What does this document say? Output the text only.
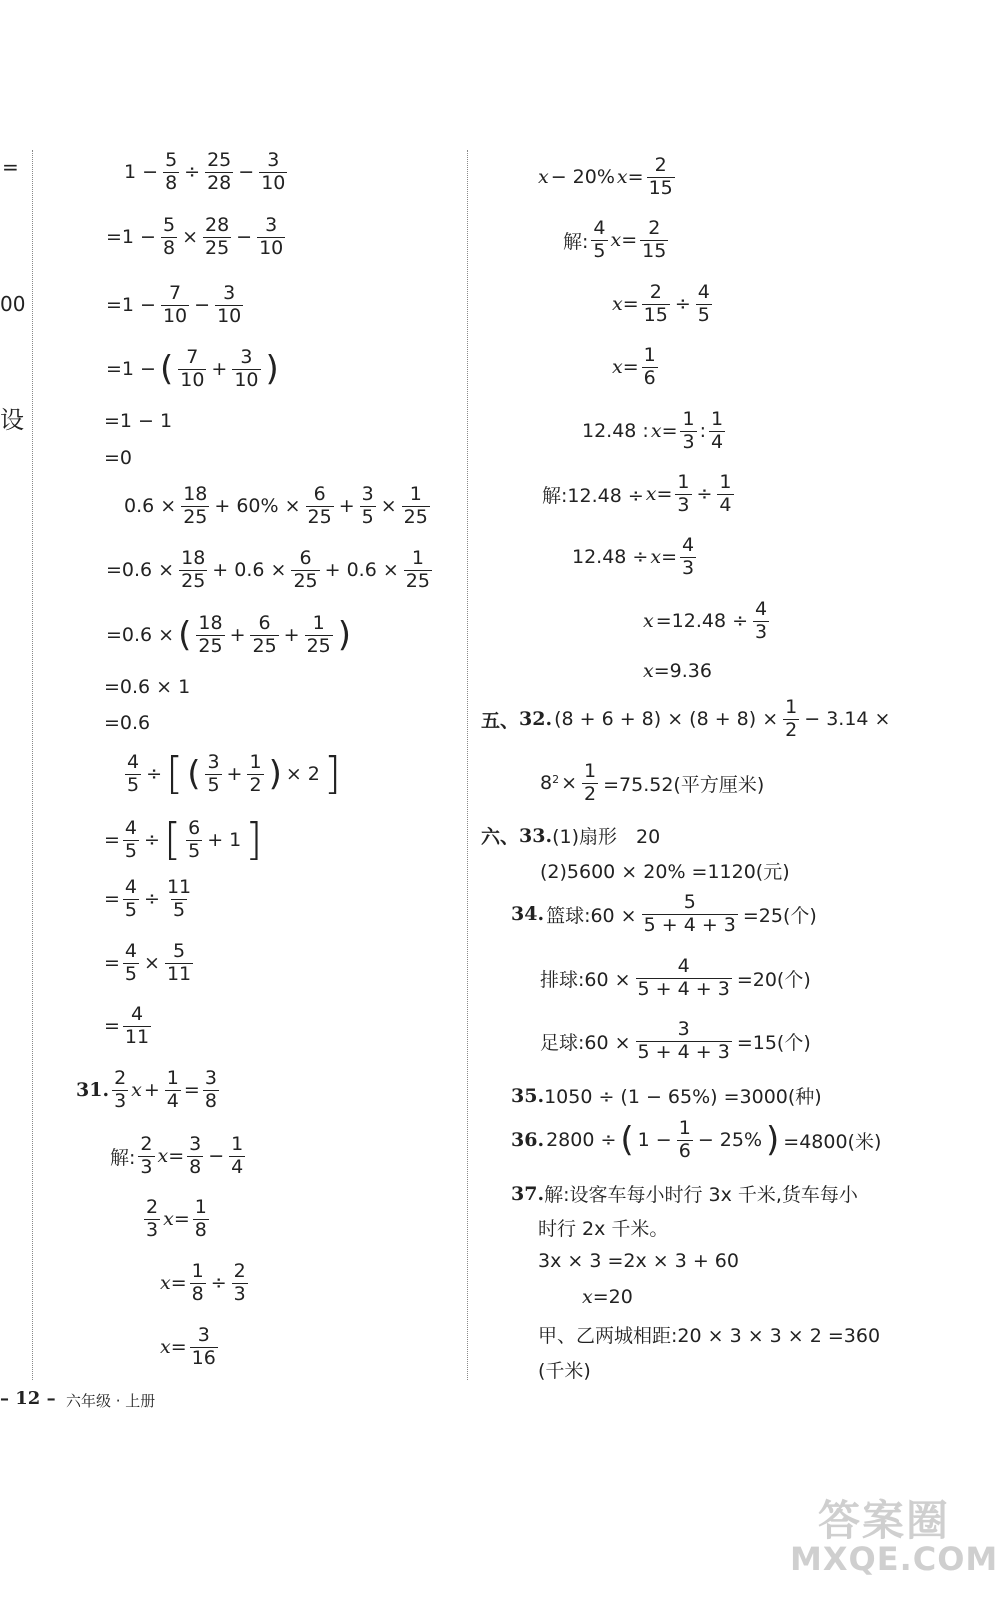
=
00
设
$1 - \frac{5}{8} \div \frac{25}{28} - \frac{3}{10}$
$=1 - \frac{5}{8} \times \frac{28}{25} - \frac{3}{10}$
$=1 - \frac{7}{10} - \frac{3}{10}$
=1 − ( $\frac{7}{10} + \frac{3}{10}$ )
=1 − 1
=0
$0.6 \times \frac{18}{25} + 60\% \times \frac{6}{25} + \frac{3}{5} \times \frac{1}{25}$
$=0.6 \times \frac{18}{25} + 0.6 \times \frac{6}{25} + 0.6 \times \frac{1}{25}$
=0.6 × ( $\frac{18}{25} + \frac{6}{25} + \frac{1}{25}$ )
=0.6 × 1
=0.6
$\frac{4}{5}$ ÷ [ ( $\frac{3}{5} + \frac{1}{2}$ ) × 2 ]
= $\frac{4}{5}$ ÷ [ $\frac{6}{5} + 1$ ]
= $\frac{4}{5} \div \frac{11}{5}$
= $\frac{4}{5} \times \frac{5}{11}$
= $\frac{4}{11}$
31. $\frac{2}{3}$ $x + \frac{1}{4} = \frac{3}{8}$
解: $\frac{2}{3}$ $x = \frac{3}{8} - \frac{1}{4}$
$\frac{2}{3}$ $x = \frac{1}{8}$
$x = \frac{1}{8} \div \frac{2}{3}$
$x = \frac{3}{16}$
x − 20% $x = \frac{2}{15}$
解: $\frac{4}{5}$ $x = \frac{2}{15}$
$x = \frac{2}{15} \div \frac{4}{5}$
$x = \frac{1}{6}$
12.48 : $x = \frac{1}{3}$ : $\frac{1}{4}$
解:12.48 ÷ $x = \frac{1}{3} \div \frac{1}{4}$
$12.48 \div x = \frac{4}{3}$
$x =12.48 \div \frac{4}{3}$
x =9.36
五、 32. $(8 + 6 + 8) \times (8 + 8) \times \frac{1}{2} - 3.14$ ×
$8^2 \times \frac{1}{2} =75.52$(平方厘米)
六、 33. (1)扇形　20
(2)5600 × 20% =1120(元)
34. 篮球:60 × $\frac{5}{5 + 4 + 3} =25$(个)
排球:60 × $\frac{4}{5 + 4 + 3} =20$(个)
足球:60 × $\frac{3}{5 + 4 + 3} =15$(个)
35. 1050 ÷ (1 − 65%) =3000(种)
36. 2800 ÷ ( $1 - \frac{1}{6} - 25\%$ ) =4800(米)
37. 解:设客车每小时行 3x 千米,货车每小
时行 2x 千米。
3x × 3 =2x × 3 + 60
x =20
甲、乙两城相距:20 × 3 × 3 × 2 =360
(千米)
– 12 – 六年级 · 上册
答案圈
MXQE.COM
